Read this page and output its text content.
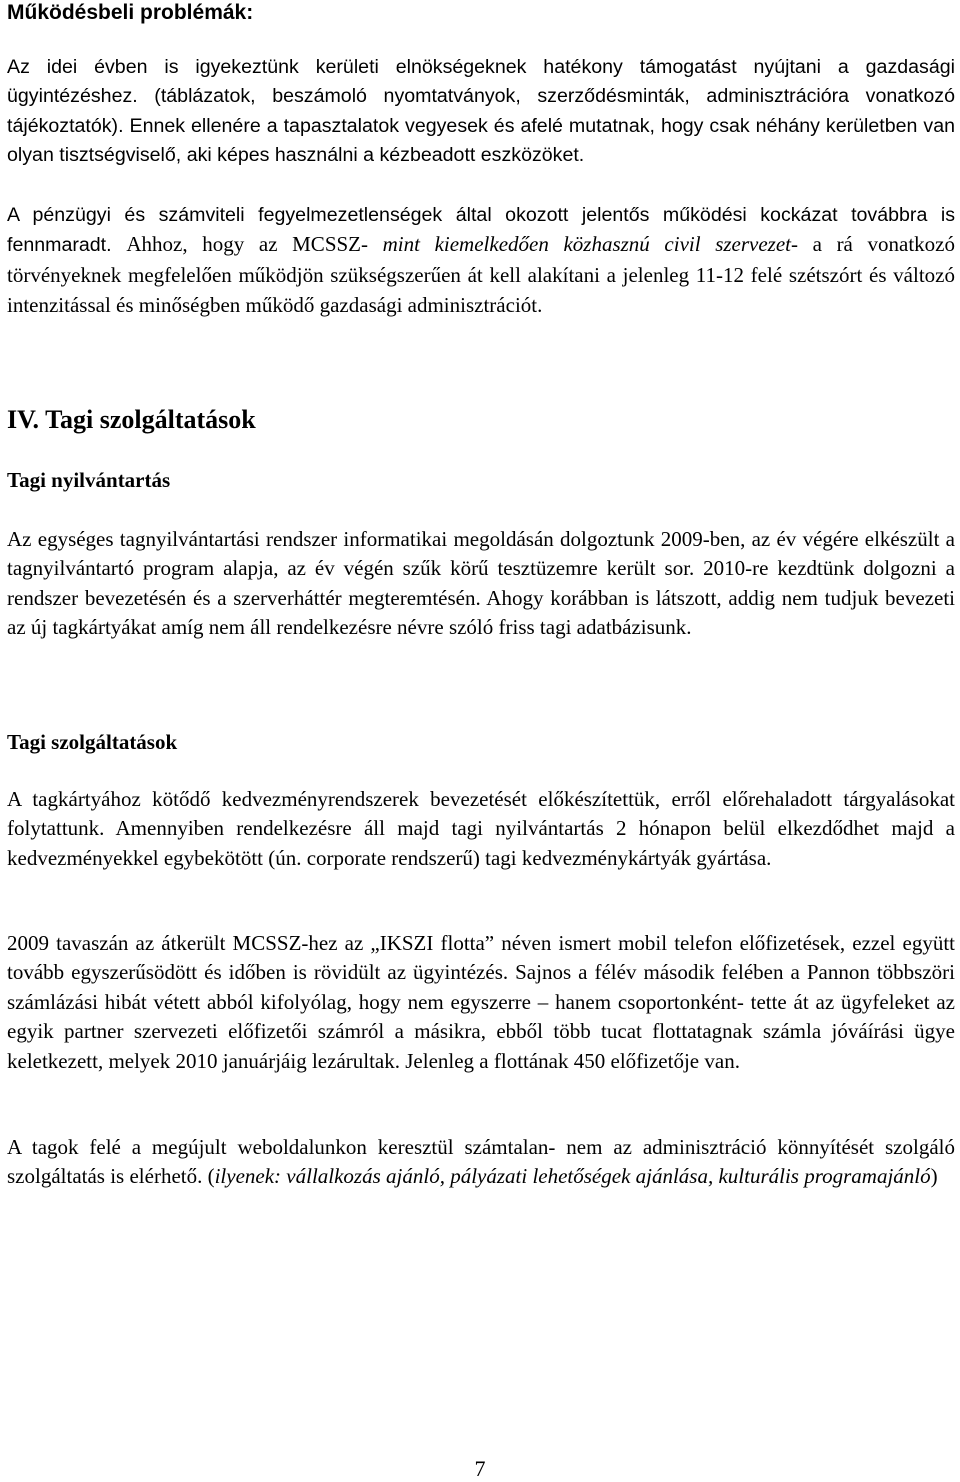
Működésbeli problémák:

Az idei évben is igyekeztünk kerületi elnökségeknek hatékony támogatást nyújtani a gazdasági ügyintézéshez. (táblázatok, beszámoló nyomtatványok, szerződésminták, adminisztrációra vonatkozó tájékoztatók). Ennek ellenére a tapasztalatok vegyesek és afelé mutatnak, hogy csak néhány kerületben van olyan tisztségviselő, aki képes használni a kézbeadott eszközöket.

A pénzügyi és számviteli fegyelmezetlenségek által okozott jelentős működési kockázat továbbra is fennmaradt. Ahhoz, hogy az MCSSZ- mint kiemelkedően közhasznú civil szervezet- a rá vonatkozó törvényeknek megfelelően működjön szükségszerűen át kell alakítani a jelenleg 11-12 felé szétszórt és változó intenzitással és minőségben működő gazdasági adminisztrációt.

IV. Tagi szolgáltatások
Tagi nyilvántartás

Az egységes tagnyilvántartási rendszer informatikai megoldásán dolgoztunk 2009-ben, az év végére elkészült a tagnyilvántartó program alapja, az év végén szűk körű tesztüzemre került sor. 2010-re kezdtünk dolgozni a rendszer bevezetésén és a szerverháttér megteremtésén. Ahogy korábban is látszott, addig nem tudjuk bevezeti az új tagkártyákat amíg nem áll rendelkezésre névre szóló friss tagi adatbázisunk.

Tagi szolgáltatások

A tagkártyához kötődő kedvezményrendszerek bevezetését előkészítettük, erről előrehaladott tárgyalásokat folytattunk. Amennyiben rendelkezésre áll majd tagi nyilvántartás 2 hónapon belül elkezdődhet majd a kedvezményekkel egybekötött (ún. corporate rendszerű) tagi kedvezménykártyák gyártása.

2009 tavaszán az átkerült MCSSZ-hez az „IKSZI flotta” néven ismert mobil telefon előfizetések, ezzel együtt tovább egyszerűsödött és időben is rövidült az ügyintézés. Sajnos a félév második felében a Pannon többszöri számlázási hibát vétett abból kifolyólag, hogy nem egyszerre – hanem csoportonként- tette át az ügyfeleket az egyik partner szervezeti előfizetői számról a másikra, ebből több tucat flottatagnak számla jóváírási ügye keletkezett, melyek 2010 januárjáig lezárultak. Jelenleg a flottának 450 előfizetője van.

A tagok felé a megújult weboldalunkon keresztül számtalan- nem az adminisztráció könnyítését szolgáló szolgáltatás is elérhető. (ilyenek: vállalkozás ajánló, pályázati lehetőségek ajánlása, kulturális programajánló)

7
